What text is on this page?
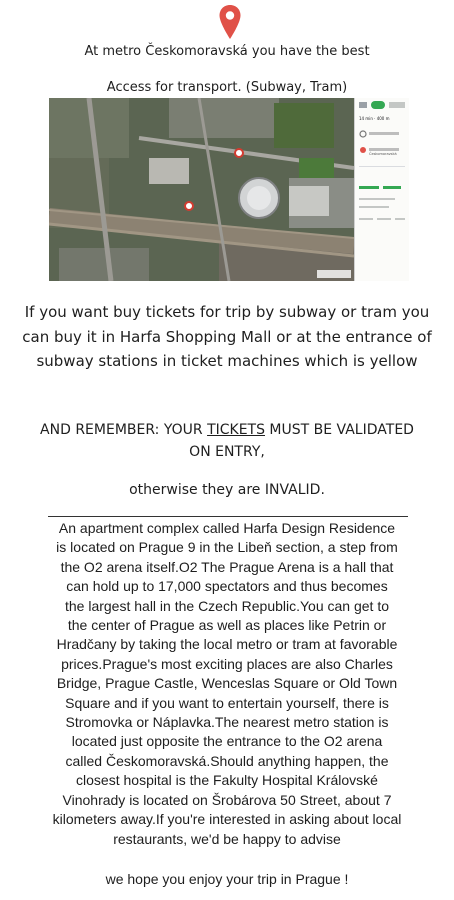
At metro Českomoravská you have the best
Access for transport. (Subway, Tram)
14 min · 400 m
Českomoravská
If you want buy tickets for trip by subway or tram you
can buy it in Harfa Shopping Mall or at the entrance of
subway stations in ticket machines which is yellow
AND REMEMBER: YOUR TICKETS MUST BE VALIDATED
ON ENTRY,
otherwise they are INVALID.
An apartment complex called Harfa Design Residence
is located on Prague 9 in the Libeň section, a step from
the O2 arena itself.O2 The Prague Arena is a hall that
can hold up to 17,000 spectators and thus becomes
the largest hall in the Czech Republic.You can get to
the center of Prague as well as places like Petrin or
Hradčany by taking the local metro or tram at favorable
prices.Prague's most exciting places are also Charles
Bridge, Prague Castle, Wenceslas Square or Old Town
Square and if you want to entertain yourself, there is
Stromovka or Náplavka.The nearest metro station is
located just opposite the entrance to the O2 arena
called Českomoravská.Should anything happen, the
closest hospital is the Fakulty Hospital Královské
Vinohrady is located on Šrobárova 50 Street, about 7
kilometers away.If you're interested in asking about local
restaurants, we'd be happy to advise
we hope you enjoy your trip in Prague !
